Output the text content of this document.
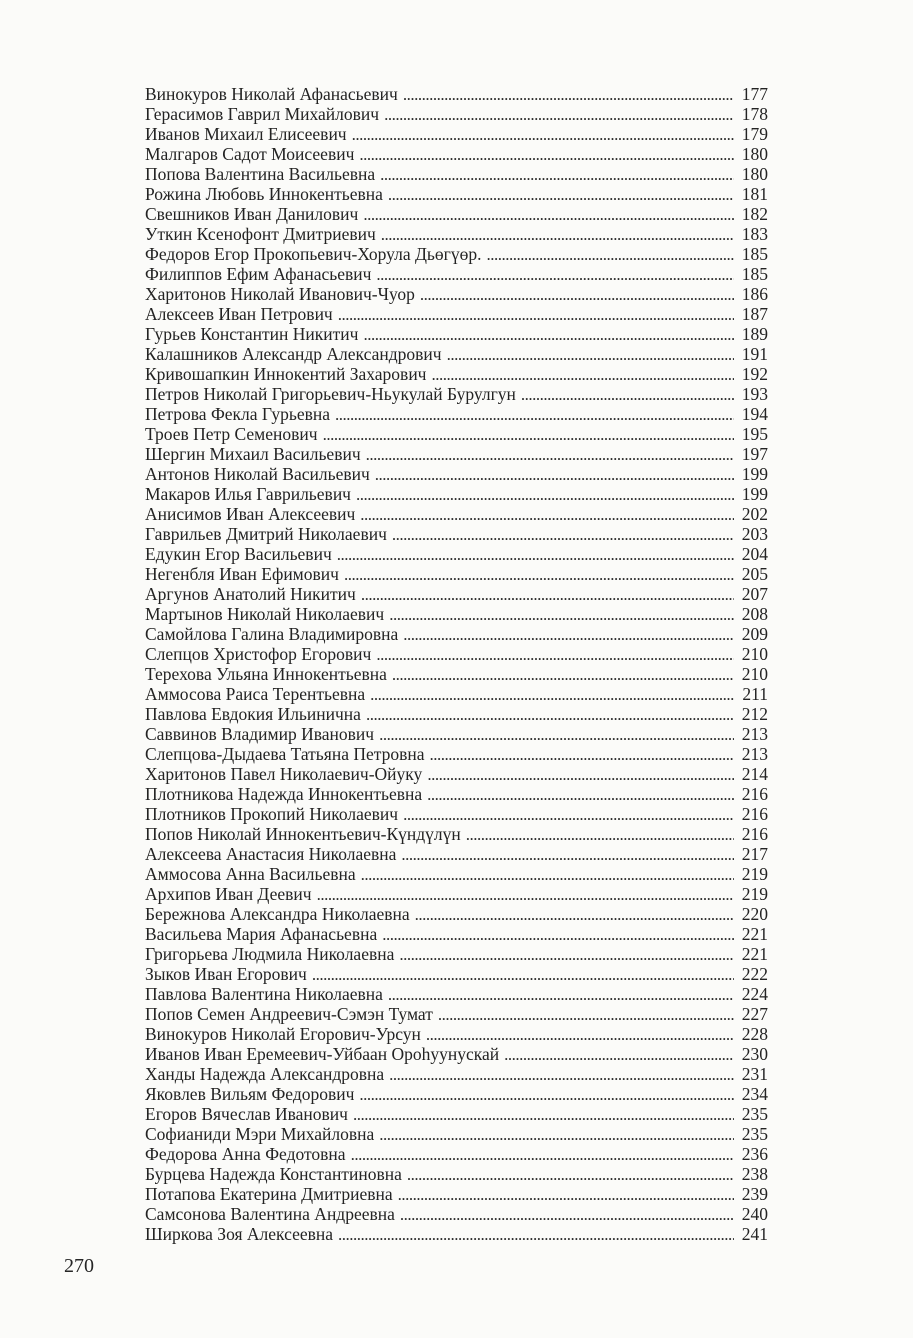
Винокуров Николай Афанасьевич .....	177
Герасимов Гаврил Михайлович .....	178
Иванов Михаил Елисеевич .....	179
Малгаров Садот Моисеевич .....	180
Попова Валентина Васильевна .....	180
Рожина Любовь Иннокентьевна .....	181
Свешников Иван Данилович .....	182
Уткин Ксенофонт Дмитриевич .....	183
Федоров Егор Прокопьевич-Хорула Дьөгүөр. .....	185
Филиппов Ефим Афанасьевич .....	185
Харитонов Николай Иванович-Чуор .....	186
Алексеев Иван Петрович .....	187
Гурьев Константин Никитич .....	189
Калашников Александр Александрович .....	191
Кривошапкин Иннокентий Захарович .....	192
Петров Николай Григорьевич-Ньукулай Бурулгун .....	193
Петрова Фекла Гурьевна .....	194
Троев Петр Семенович .....	195
Шергин Михаил Васильевич .....	197
Антонов Николай Васильевич .....	199
Макаров Илья Гаврильевич .....	199
Анисимов Иван Алексеевич .....	202
Гаврильев Дмитрий Николаевич .....	203
Едукин Егор Васильевич .....	204
Негенбля Иван Ефимович .....	205
Аргунов Анатолий Никитич .....	207
Мартынов Николай Николаевич .....	208
Самойлова Галина Владимировна .....	209
Слепцов Христофор Егорович .....	210
Терехова Ульяна Иннокентьевна .....	210
Аммосова Раиса Терентьевна .....	211
Павлова Евдокия Ильинична .....	212
Саввинов Владимир Иванович .....	213
Слепцова-Дыдаева Татьяна Петровна .....	213
Харитонов Павел Николаевич-Ойуку .....	214
Плотникова Надежда Иннокентьевна .....	216
Плотников Прокопий Николаевич .....	216
Попов Николай Иннокентьевич-Күндүлүн .....	216
Алексеева Анастасия Николаевна .....	217
Аммосова Анна Васильевна .....	219
Архипов Иван Деевич .....	219
Бережнова Александра Николаевна .....	220
Васильева Мария Афанасьевна .....	221
Григорьева Людмила Николаевна .....	221
Зыков Иван Егорович .....	222
Павлова Валентина Николаевна .....	224
Попов Семен Андреевич-Сэмэн Тумат .....	227
Винокуров Николай Егорович-Урсун .....	228
Иванов Иван Еремеевич-Уйбаан Ороһуунускай .....	230
Ханды Надежда Александровна .....	231
Яковлев Вильям Федорович .....	234
Егоров Вячеслав Иванович .....	235
Софианиди Мэри Михайловна .....	235
Федорова Анна Федотовна .....	236
Бурцева Надежда Константиновна .....	238
Потапова Екатерина Дмитриевна .....	239
Самсонова Валентина Андреевна .....	240
Ширкова Зоя Алексеевна .....	241
270
